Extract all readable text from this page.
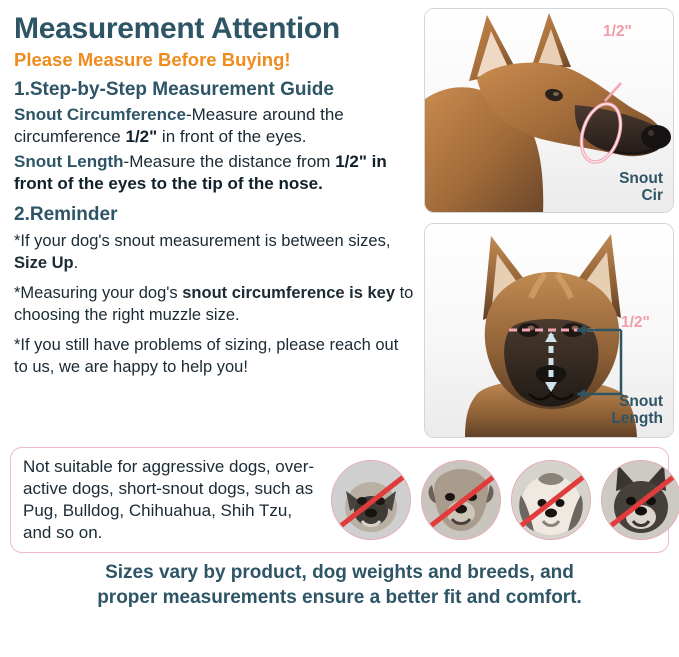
Measurement Attention
Please Measure Before Buying!
1.Step-by-Step Measurement Guide
Snout Circumference-Measure around the circumference 1/2" in front of the eyes.
Snout Length-Measure the distance from 1/2" in front of the eyes to the tip of the nose.
2.Reminder
*If your dog's snout measurement is between sizes, Size Up.
*Measuring your dog's snout circumference is key to choosing the right muzzle size.
*If you still have problems of sizing, please reach out to us, we are happy to help you!
1/2"
Snout
Cir
1/2"
Snout
Length
Not suitable for aggressive dogs, over-active dogs, short-snout dogs, such as Pug, Bulldog, Chihuahua, Shih Tzu, and so on.
Sizes vary by product, dog weights and breeds, and
proper measurements ensure a better fit and comfort.
